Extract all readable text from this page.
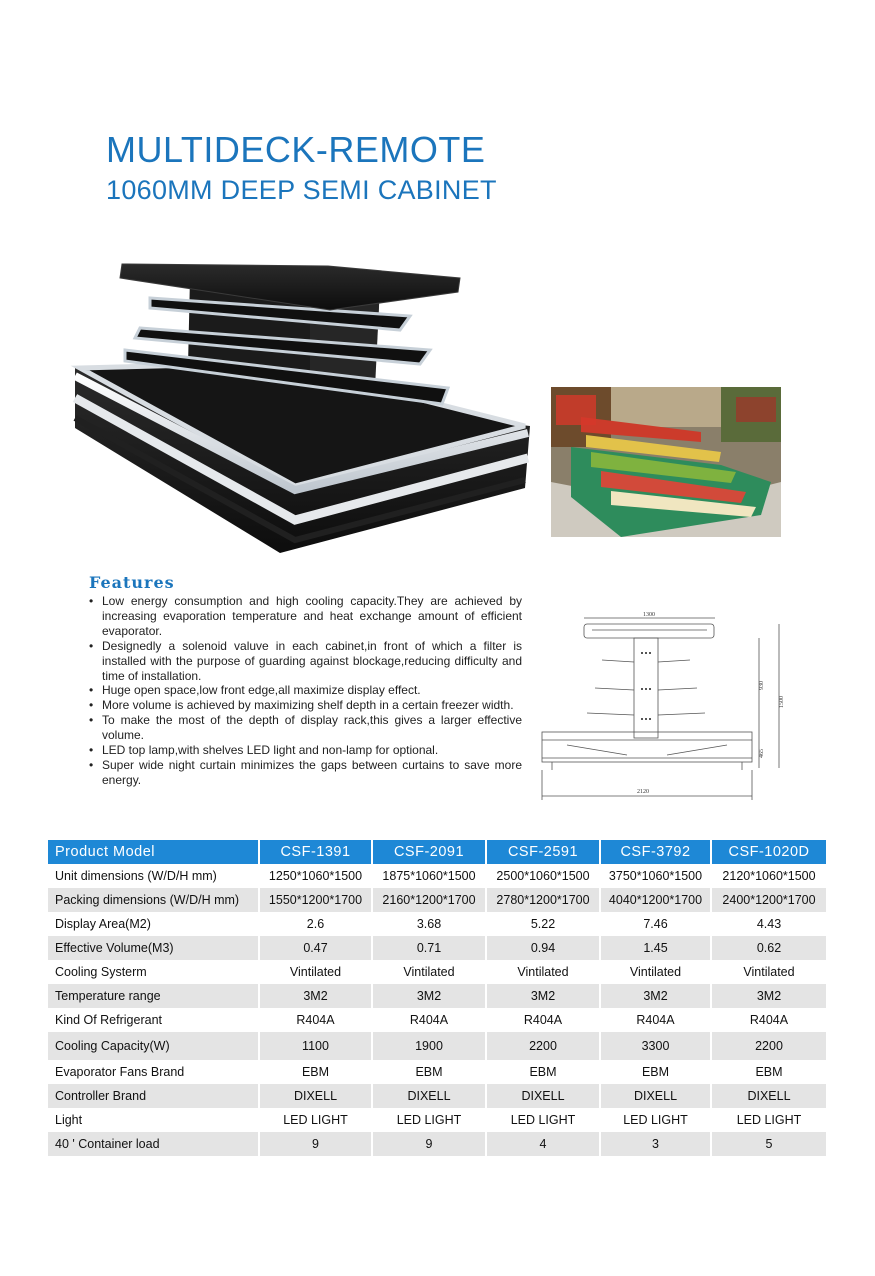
MULTIDECK-REMOTE
1060MM DEEP SEMI CABINET
Features
• Low energy consumption and high cooling capacity.They are achieved by increasing evaporation temperature and heat exchange amount of efficient evaporator.
• Designedly a solenoid valuve in each cabinet,in front of which a filter is installed with the purpose of guarding against blockage,reducing difficulty and time of installation.
• Huge open space,low front edge,all maximize display effect.
• More volume is achieved by maximizing shelf depth in a certain freezer width.
• To make the most of the depth of display rack,this gives a larger effective volume.
• LED top lamp,with shelves LED light and non-lamp for optional.
• Super wide night curtain minimizes the gaps between curtains to save more energy.
1300
930
1500
465
2120
Product Model	CSF-1391	CSF-2091	CSF-2591	CSF-3792	CSF-1020D
Unit dimensions (W/D/H mm)	1250*1060*1500	1875*1060*1500	2500*1060*1500	3750*1060*1500	2120*1060*1500
Packing dimensions (W/D/H mm)	1550*1200*1700	2160*1200*1700	2780*1200*1700	4040*1200*1700	2400*1200*1700
Display Area(M2)	2.6	3.68	5.22	7.46	4.43
Effective Volume(M3)	0.47	0.71	0.94	1.45	0.62
Cooling Systerm	Vintilated	Vintilated	Vintilated	Vintilated	Vintilated
Temperature range	3M2	3M2	3M2	3M2	3M2
Kind Of Refrigerant	R404A	R404A	R404A	R404A	R404A
Cooling Capacity(W)	1100	1900	2200	3300	2200
Evaporator Fans Brand	EBM	EBM	EBM	EBM	EBM
Controller Brand	DIXELL	DIXELL	DIXELL	DIXELL	DIXELL
Light	LED LIGHT	LED LIGHT	LED LIGHT	LED LIGHT	LED LIGHT
40 ' Container load	9	9	4	3	5
